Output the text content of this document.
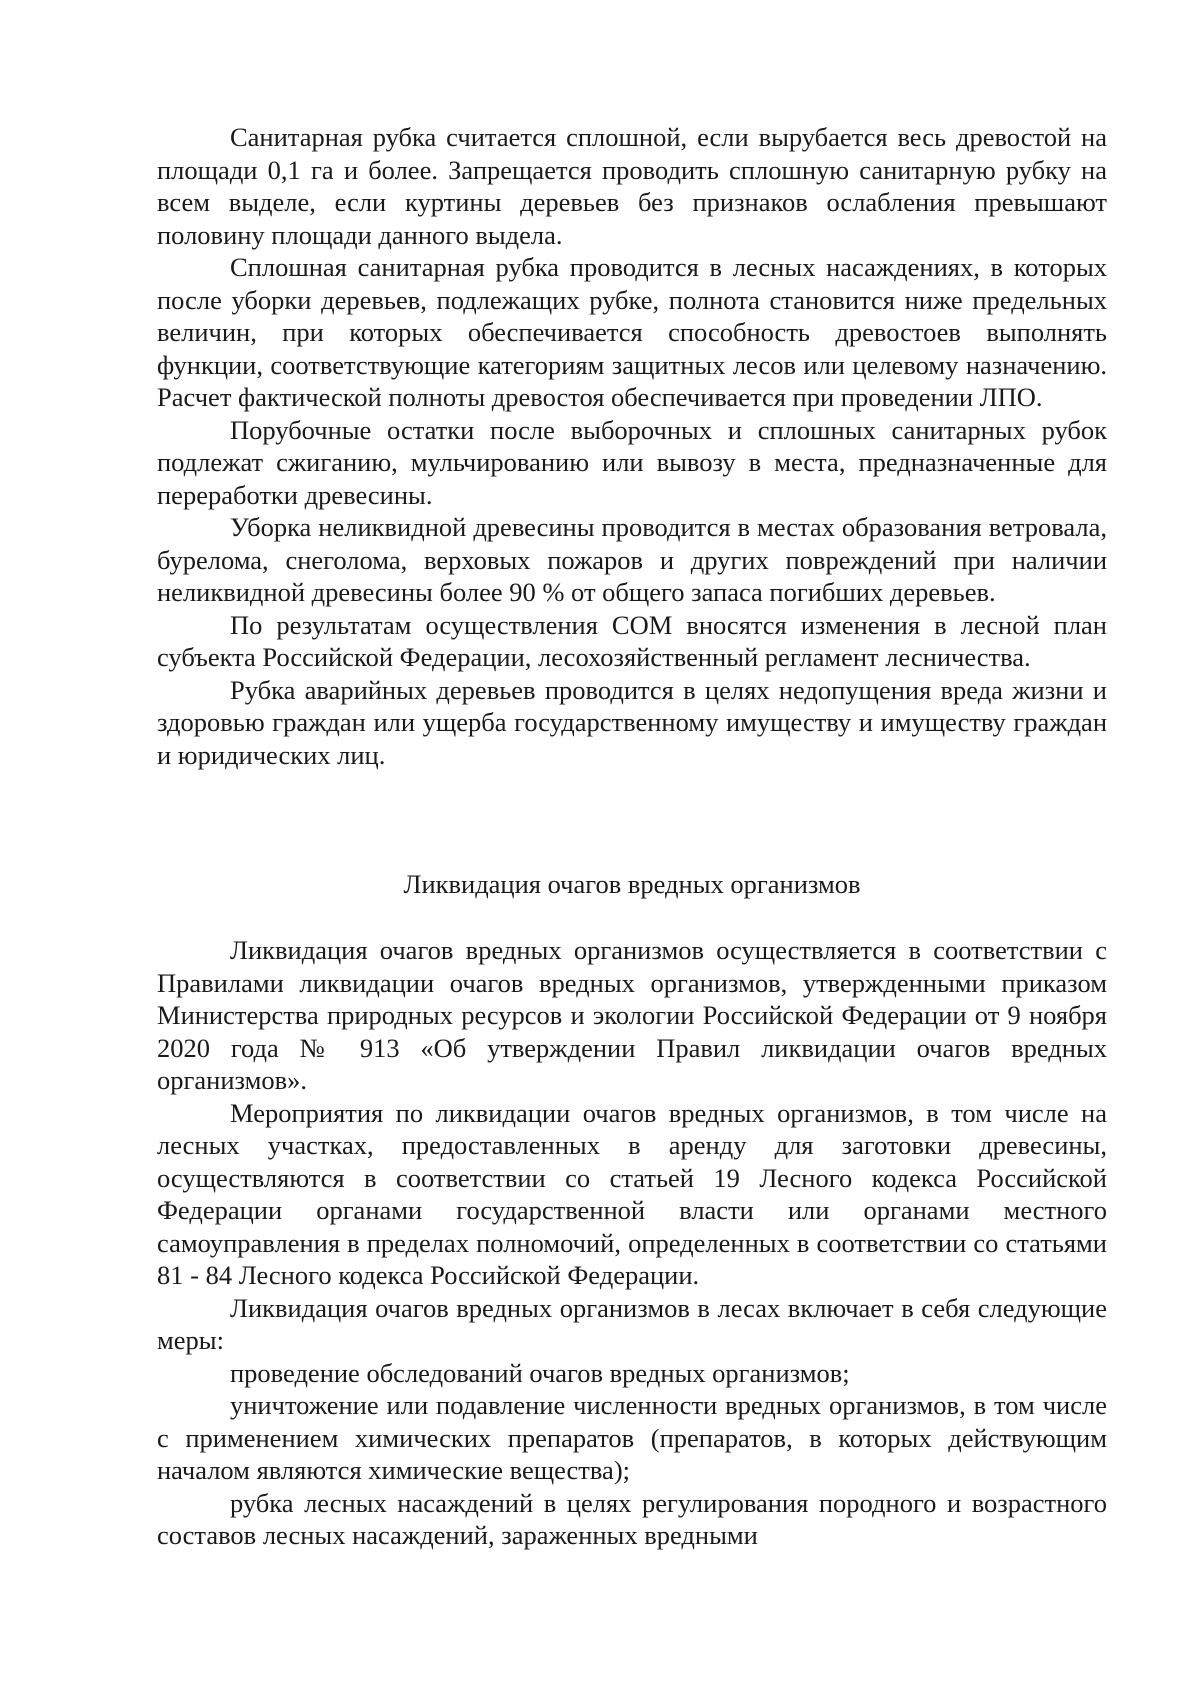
Санитарная рубка считается сплошной, если вырубается весь древостой на площади 0,1 га и более. Запрещается проводить сплошную санитарную рубку на всем выделе, если куртины деревьев без признаков ослабления превышают половину площади данного выдела.

Сплошная санитарная рубка проводится в лесных насаждениях, в которых после уборки деревьев, подлежащих рубке, полнота становится ниже предельных величин, при которых обеспечивается способность древостоев выполнять функции, соответствующие категориям защитных лесов или целевому назначению. Расчет фактической полноты древостоя обеспечивается при проведении ЛПО.

Порубочные остатки после выборочных и сплошных санитарных рубок подлежат сжиганию, мульчированию или вывозу в места, предназначенные для переработки древесины.

Уборка неликвидной древесины проводится в местах образования ветровала, бурелома, снеголома, верховых пожаров и других повреждений при наличии неликвидной древесины более 90 % от общего запаса погибших деревьев.

По результатам осуществления СОМ вносятся изменения в лесной план субъекта Российской Федерации, лесохозяйственный регламент лесничества.

Рубка аварийных деревьев проводится в целях недопущения вреда жизни и здоровью граждан или ущерба государственному имуществу и имуществу граждан и юридических лиц.

Ликвидация очагов вредных организмов

Ликвидация очагов вредных организмов осуществляется в соответствии с Правилами ликвидации очагов вредных организмов, утвержденными приказом Министерства природных ресурсов и экологии Российской Федерации от 9 ноября 2020 года № 913 «Об утверждении Правил ликвидации очагов вредных организмов».

Мероприятия по ликвидации очагов вредных организмов, в том числе на лесных участках, предоставленных в аренду для заготовки древесины, осуществляются в соответствии со статьей 19 Лесного кодекса Российской Федерации органами государственной власти или органами местного самоуправления в пределах полномочий, определенных в соответствии со статьями 81 - 84 Лесного кодекса Российской Федерации.

Ликвидация очагов вредных организмов в лесах включает в себя следующие меры:

проведение обследований очагов вредных организмов;

уничтожение или подавление численности вредных организмов, в том числе с применением химических препаратов (препаратов, в которых действующим началом являются химические вещества);

рубка лесных насаждений в целях регулирования породного и возрастного составов лесных насаждений, зараженных вредными
